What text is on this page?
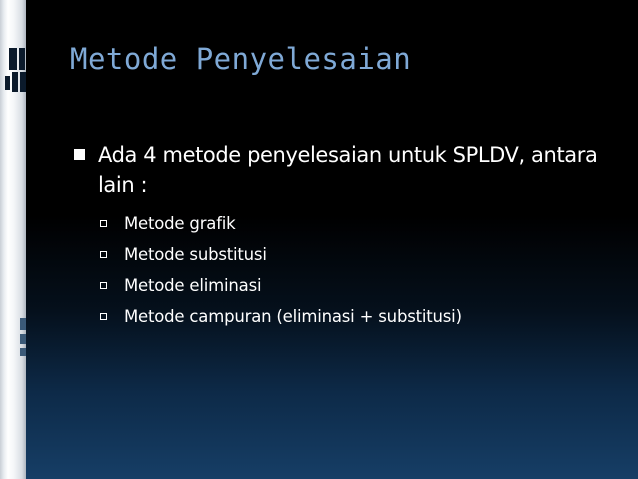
Metode Penyelesaian
Ada 4 metode penyelesaian untuk SPLDV, antara lain :
Metode grafik
Metode substitusi
Metode eliminasi
Metode campuran (eliminasi + substitusi)
